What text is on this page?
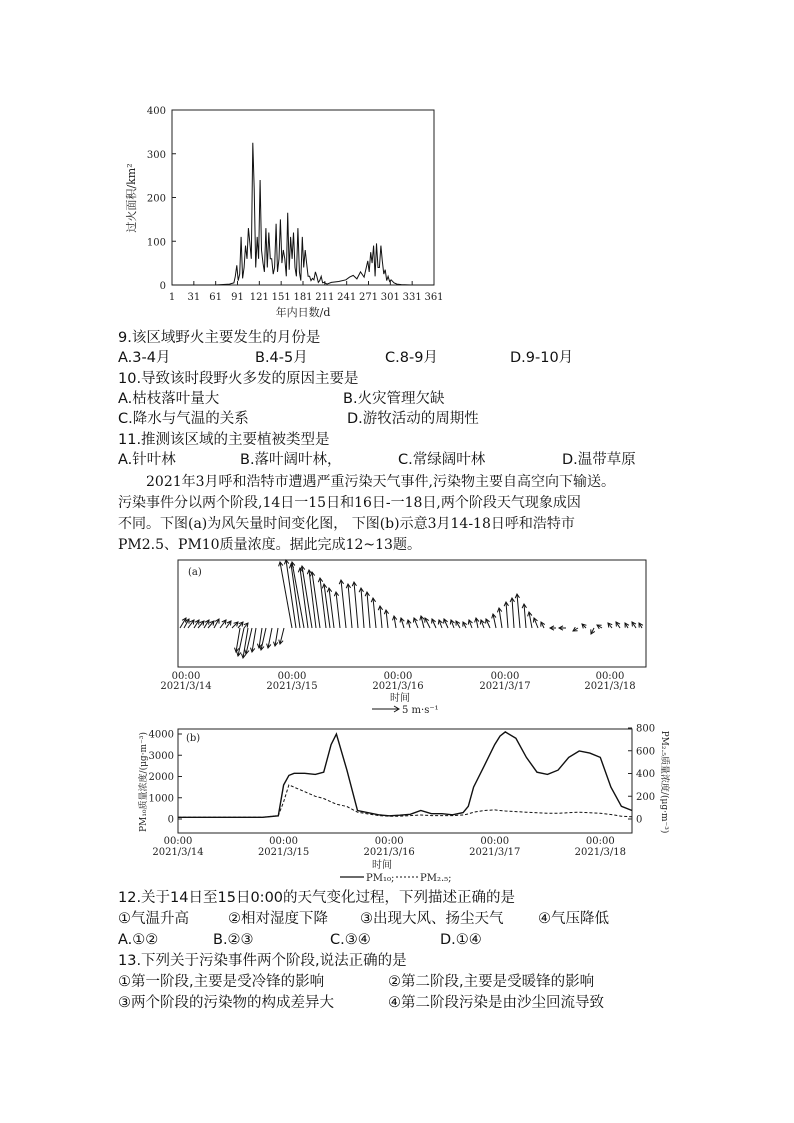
0
100
200
300
400
1 31 61 91 121 151 181 211 241 271 301 331 361
年内日数/d
过火面积/km²
9.该区域野火主要发生的月份是
A.3-4月	B.4-5月	C.8-9月	D.9-10月
10.导致该时段野火多发的原因主要是
A.枯枝落叶量大	B.火灾管理欠缺
C.降水与气温的关系	D.游牧活动的周期性
11.推测该区域的主要植被类型是
A.针叶林	B.落叶阔叶林，	C.常绿阔叶林	D.温带草原

2021年3月呼和浩特市遭遇严重污染天气事件,污染物主要自高空向下输送。

污染事件分以两个阶段,14日一15日和16日-一18日,两个阶段天气现象成因

不同。下图(a)为风矢量时间变化图， 下图(b)示意3月14-18日呼和浩特市

PM2.5、PM10质量浓度。据此完成12~13题。

(a)
00:00
2021/3/14
00:00
2021/3/15
00:00
2021/3/16
00:00
2021/3/17
00:00
2021/3/18
时间
5 m·s⁻¹
(b)
0
1000
2000
3000
4000
0
200
400
600
800
00:00
2021/3/14
00:00
2021/3/15
00:00
2021/3/16
00:00
2021/3/17
00:00
2021/3/18
PM₁₀质量浓度/(μg·m⁻³)	PM₂.₅质量浓度/(μg·m⁻³)
时间
PM₁₀;	PM₂.₅;
12.关于14日至15日0:00的天气变化过程，下列描述正确的是
①气温升高	②相对湿度下降 ③出现大风、扬尘天气 ④气压降低
A.①②	B.②③	C.③④	D.①④
13.下列关于污染事件两个阶段,说法正确的是
①第一阶段,主要是受冷锋的影响	②第二阶段,主要是受暖锋的影响
③两个阶段的污染物的构成差异大	④第二阶段污染是由沙尘回流导致
